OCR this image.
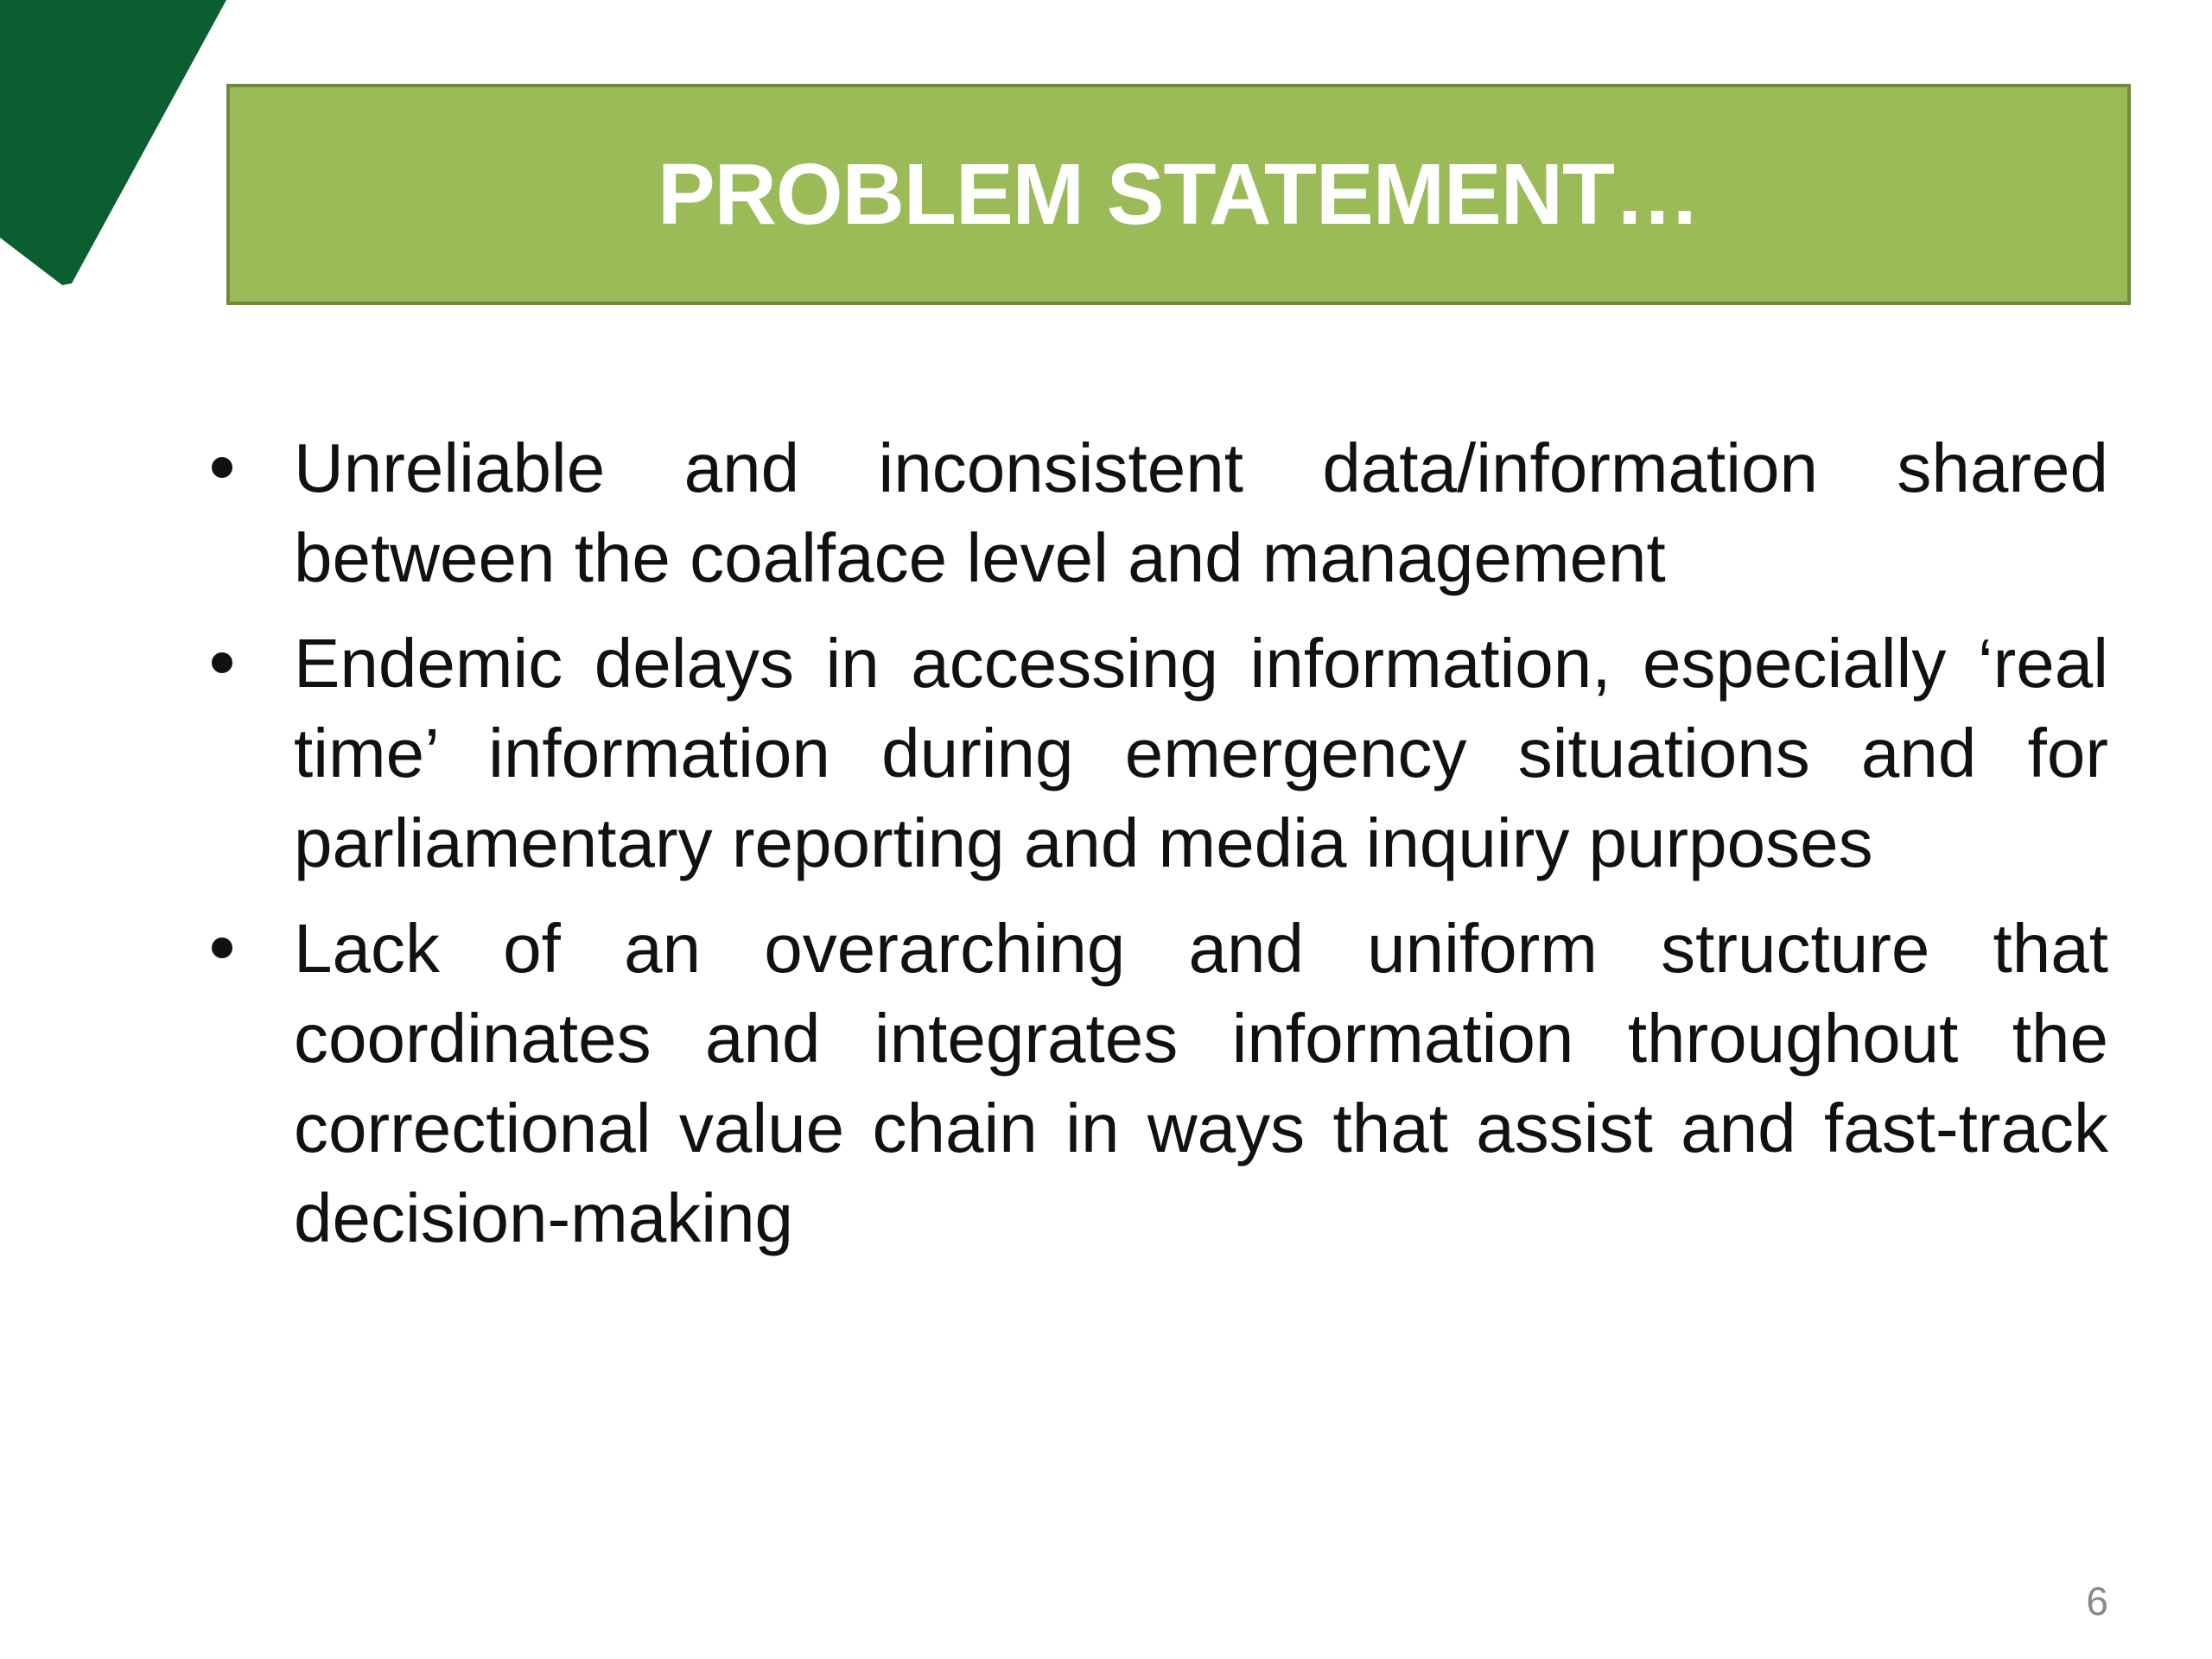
PROBLEM STATEMENT…
Unreliable and inconsistent data/information shared between the coalface level and management
Endemic delays in accessing information, especially ‘real time’ information during emergency situations and for parliamentary reporting and media inquiry purposes
Lack of an overarching and uniform structure that coordinates and integrates information throughout the correctional value chain in ways that assist and fast-track decision-making
6
